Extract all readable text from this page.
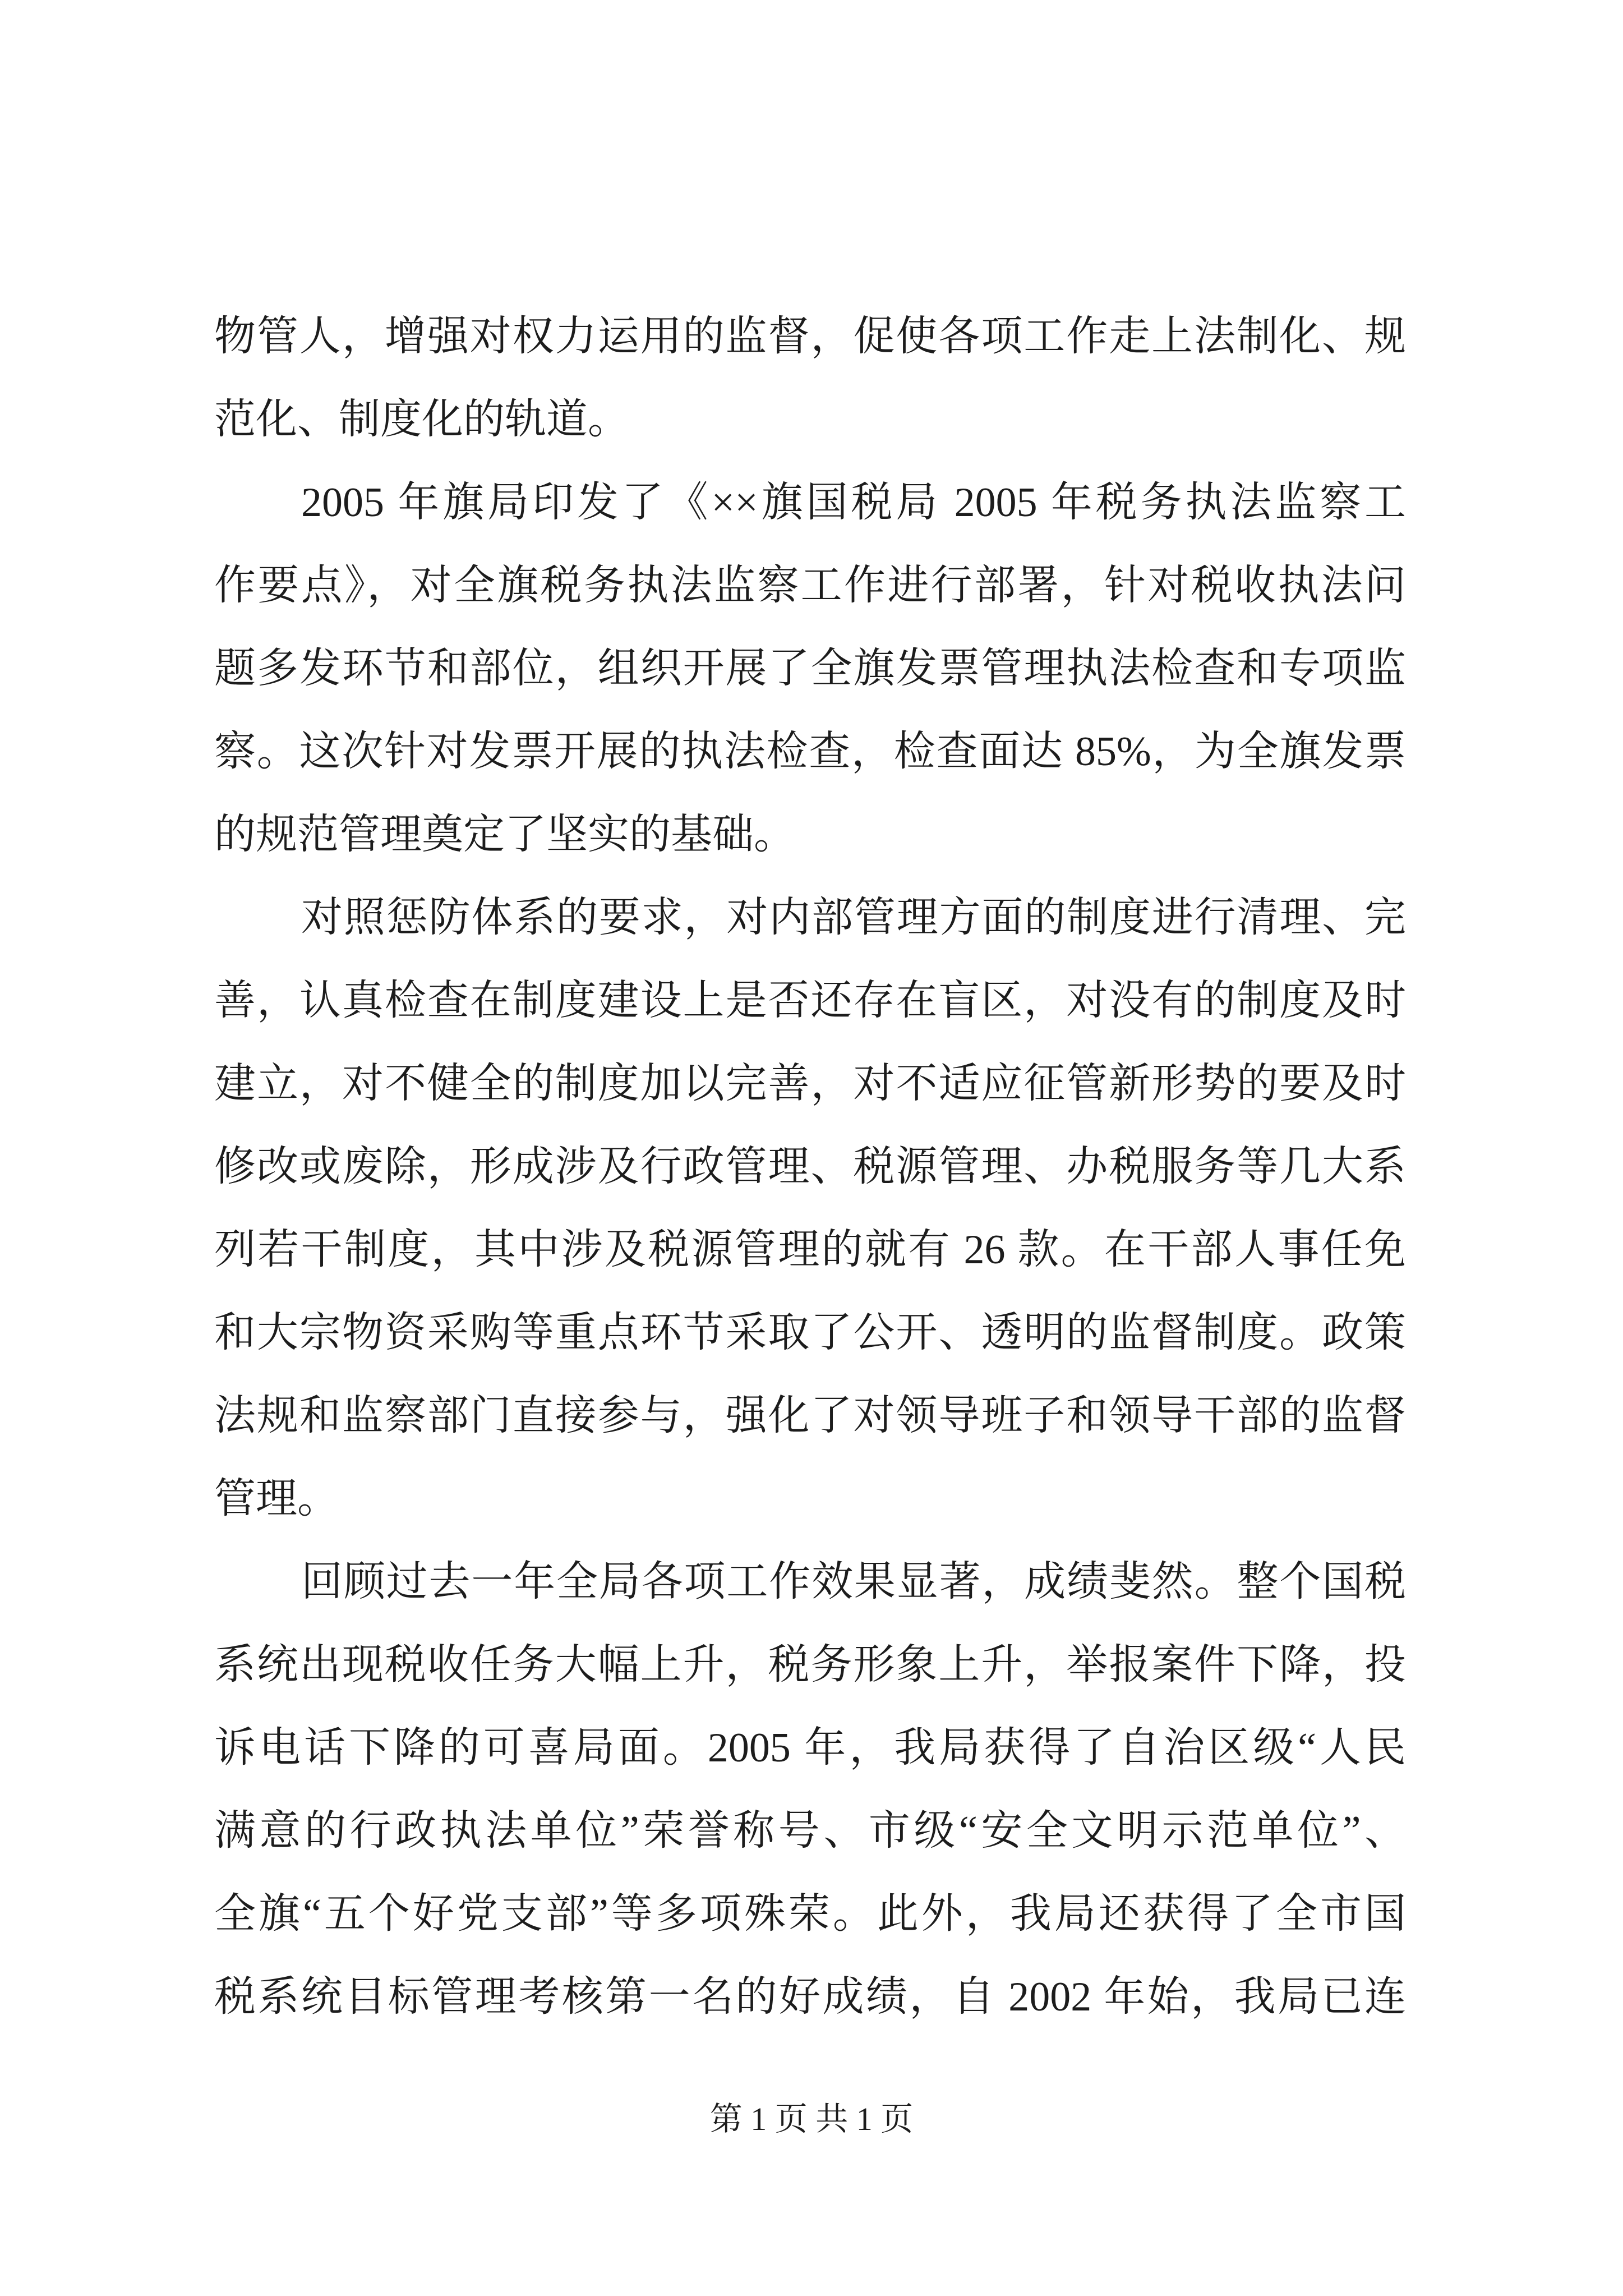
物管人，增强对权力运用的监督，促使各项工作走上法制化、规
范化、制度化的轨道。
2005 年旗局印发了《××旗国税局 2005 年税务执法监察工
作要点》，对全旗税务执法监察工作进行部署，针对税收执法问
题多发环节和部位，组织开展了全旗发票管理执法检查和专项监
察。这次针对发票开展的执法检查，检查面达 85%，为全旗发票
的规范管理奠定了坚实的基础。
对照惩防体系的要求，对内部管理方面的制度进行清理、完
善，认真检查在制度建设上是否还存在盲区，对没有的制度及时
建立，对不健全的制度加以完善，对不适应征管新形势的要及时
修改或废除，形成涉及行政管理、税源管理、办税服务等几大系
列若干制度，其中涉及税源管理的就有 26 款。在干部人事任免
和大宗物资采购等重点环节采取了公开、透明的监督制度。政策
法规和监察部门直接参与，强化了对领导班子和领导干部的监督
管理。
回顾过去一年全局各项工作效果显著，成绩斐然。整个国税
系统出现税收任务大幅上升，税务形象上升，举报案件下降，投
诉电话下降的可喜局面。2005 年，我局获得了自治区级“人民
满意的行政执法单位”荣誉称号、市级“安全文明示范单位”、
全旗“五个好党支部”等多项殊荣。此外，我局还获得了全市国
税系统目标管理考核第一名的好成绩，自 2002 年始，我局已连
第 1 页 共 1 页
